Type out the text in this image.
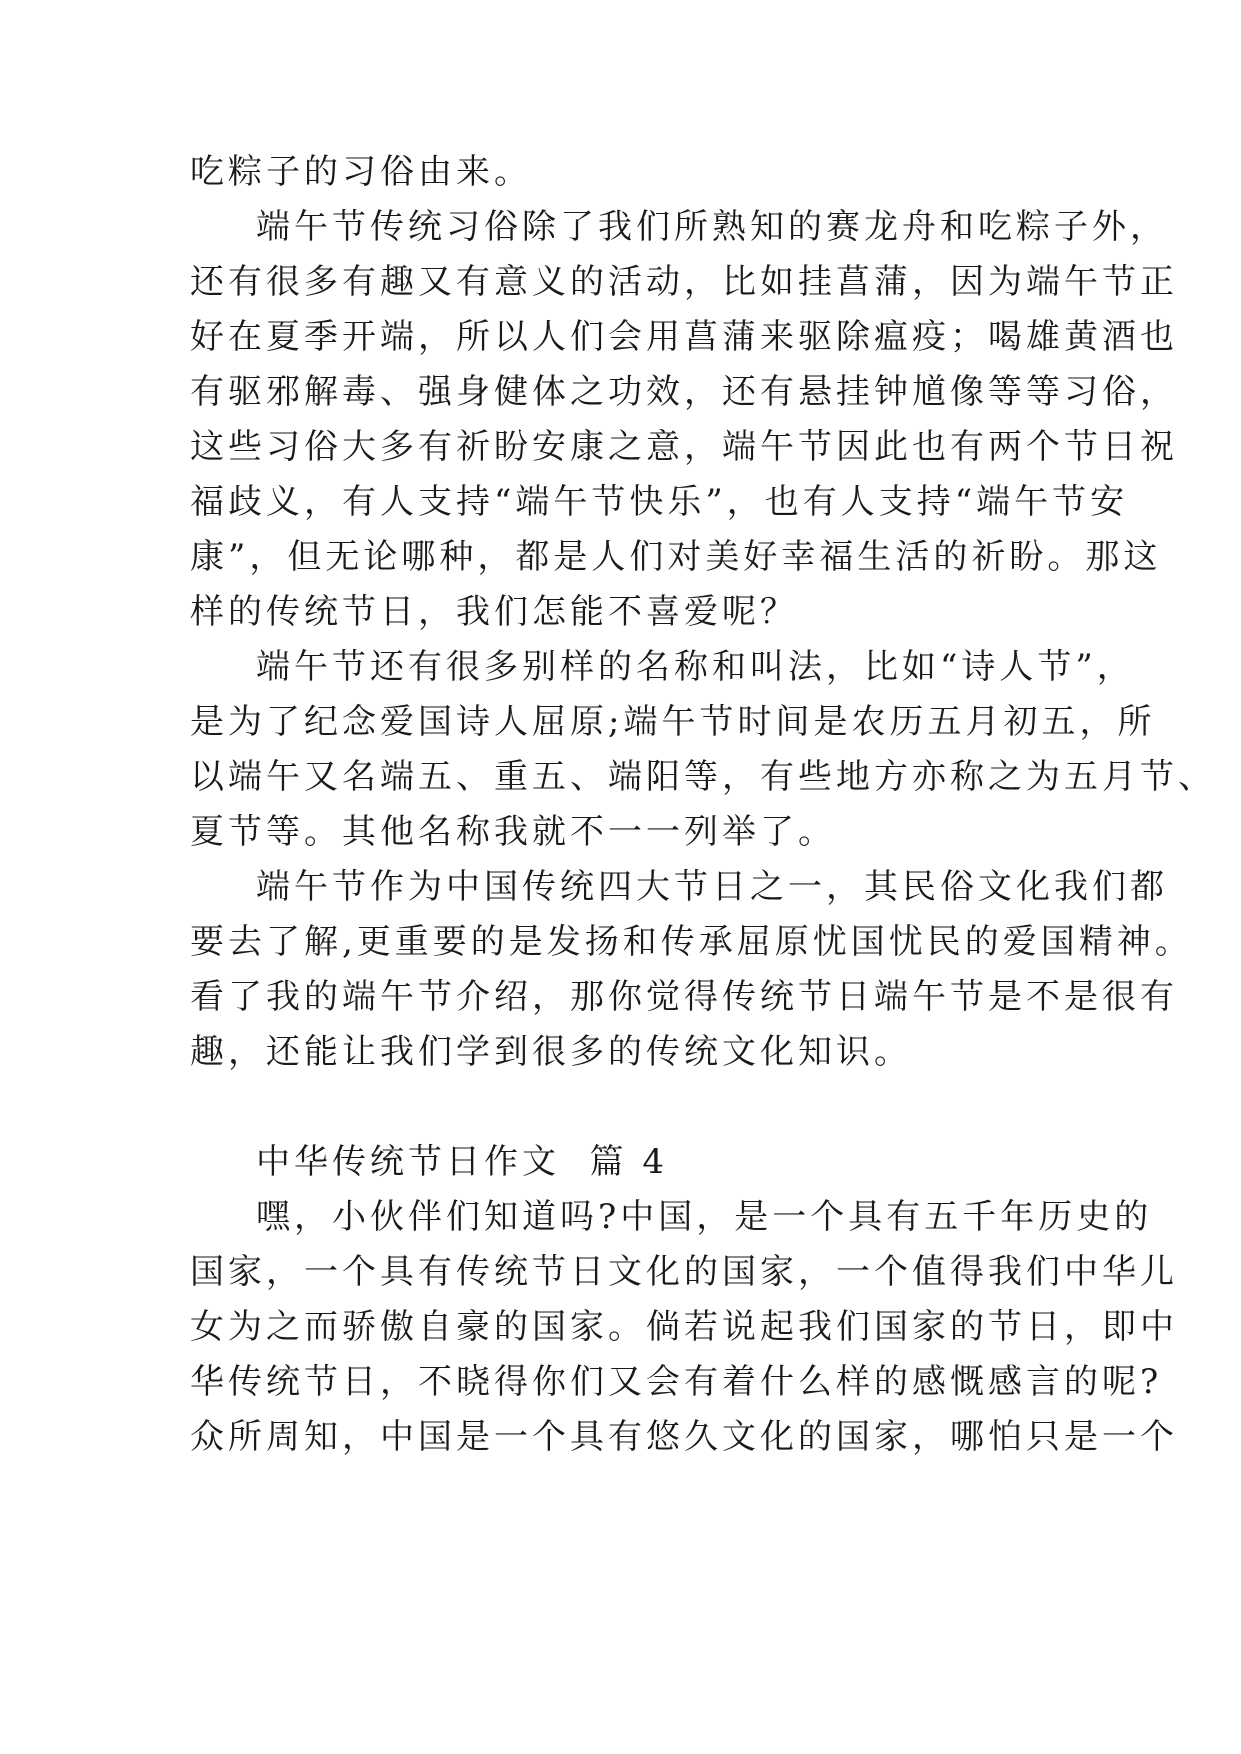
吃粽子的习俗由来。
端午节传统习俗除了我们所熟知的赛龙舟和吃粽子外，
还有很多有趣又有意义的活动，比如挂菖蒲，因为端午节正
好在夏季开端，所以人们会用菖蒲来驱除瘟疫；喝雄黄酒也
有驱邪解毒、强身健体之功效，还有悬挂钟馗像等等习俗，
这些习俗大多有祈盼安康之意，端午节因此也有两个节日祝
福歧义，有人支持“端午节快乐”，也有人支持“端午节安
康”，但无论哪种，都是人们对美好幸福生活的祈盼。那这
样的传统节日，我们怎能不喜爱呢？
端午节还有很多别样的名称和叫法，比如“诗人节”，
是为了纪念爱国诗人屈原;端午节时间是农历五月初五，所
以端午又名端五、重五、端阳等，有些地方亦称之为五月节、
夏节等。其他名称我就不一一列举了。
端午节作为中国传统四大节日之一，其民俗文化我们都
要去了解,更重要的是发扬和传承屈原忧国忧民的爱国精神。
看了我的端午节介绍，那你觉得传统节日端午节是不是很有
趣，还能让我们学到很多的传统文化知识。
中华传统节日作文  篇 4
嘿，小伙伴们知道吗?中国，是一个具有五千年历史的
国家，一个具有传统节日文化的国家，一个值得我们中华儿
女为之而骄傲自豪的国家。倘若说起我们国家的节日，即中
华传统节日，不晓得你们又会有着什么样的感慨感言的呢?
众所周知，中国是一个具有悠久文化的国家，哪怕只是一个
